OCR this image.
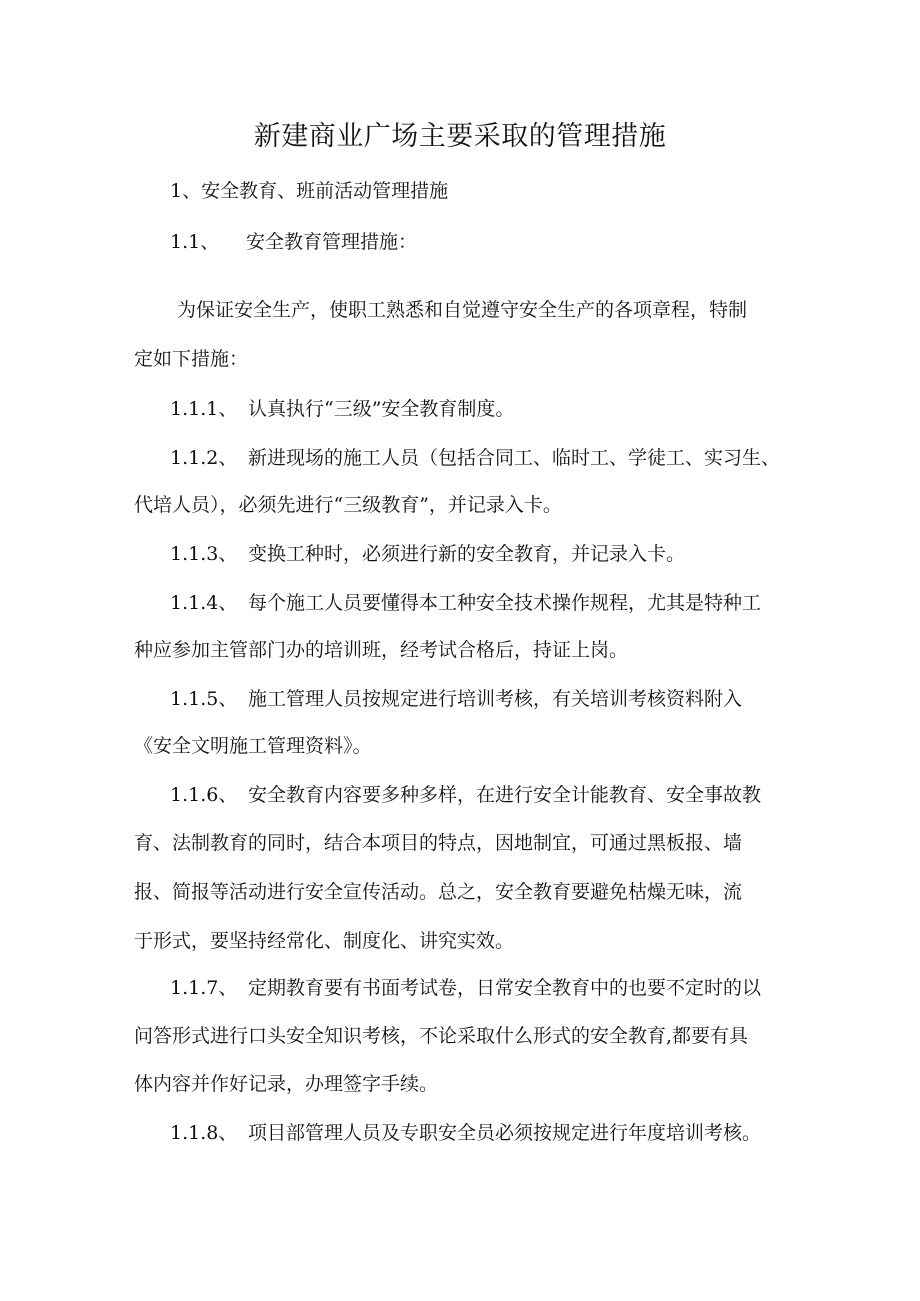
新建商业广场主要采取的管理措施

1、安全教育、班前活动管理措施

1.1、 安全教育管理措施：

为保证安全生产，使职工熟悉和自觉遵守安全生产的各项章程，特制

定如下措施：

1.1.1、 认真执行“三级”安全教育制度。

1.1.2、 新进现场的施工人员（包括合同工、临时工、学徒工、实习生、

代培人员），必须先进行“三级教育”，并记录入卡。

1.1.3、 变换工种时，必须进行新的安全教育，并记录入卡。

1.1.4、 每个施工人员要懂得本工种安全技术操作规程，尤其是特种工

种应参加主管部门办的培训班，经考试合格后，持证上岗。

1.1.5、 施工管理人员按规定进行培训考核，有关培训考核资料附入

《安全文明施工管理资料》。

1.1.6、 安全教育内容要多种多样，在进行安全计能教育、安全事故教

育、法制教育的同时，结合本项目的特点，因地制宜，可通过黑板报、墙

报、简报等活动进行安全宣传活动。总之，安全教育要避免枯燥无味，流

于形式，要坚持经常化、制度化、讲究实效。

1.1.7、 定期教育要有书面考试卷，日常安全教育中的也要不定时的以

问答形式进行口头安全知识考核，不论采取什么形式的安全教育,都要有具

体内容并作好记录，办理签字手续。

1.1.8、 项目部管理人员及专职安全员必须按规定进行年度培训考核。
